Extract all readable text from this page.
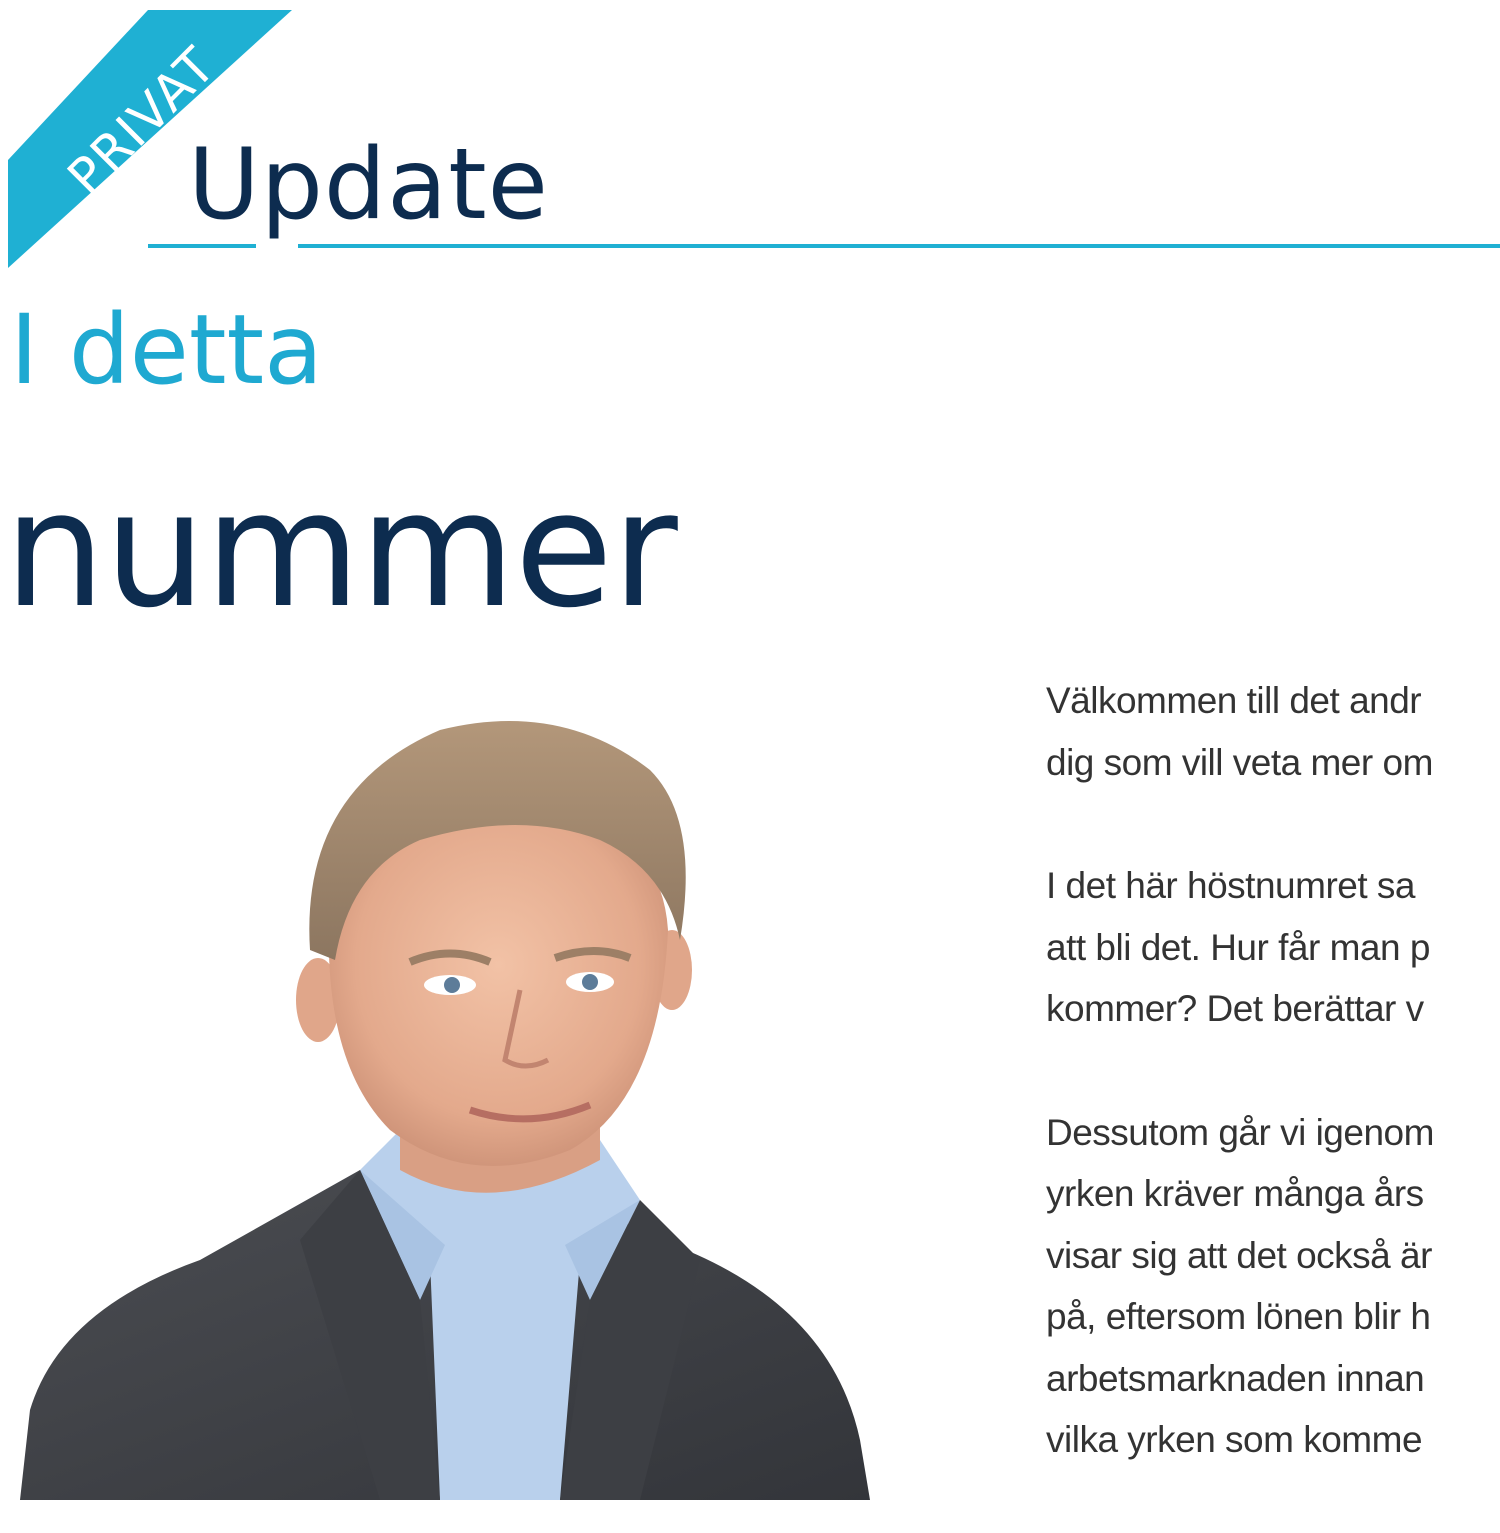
PRIVAT
Update
I detta
nummer

Välkommen till det andr
dig som vill veta mer om

I det här höstnumret sa
att bli det. Hur får man p
kommer? Det berättar v

Dessutom går vi igenom
yrken kräver många års
visar sig att det också är
på, eftersom lönen blir h
arbetsmarknaden innan
vilka yrken som komme
